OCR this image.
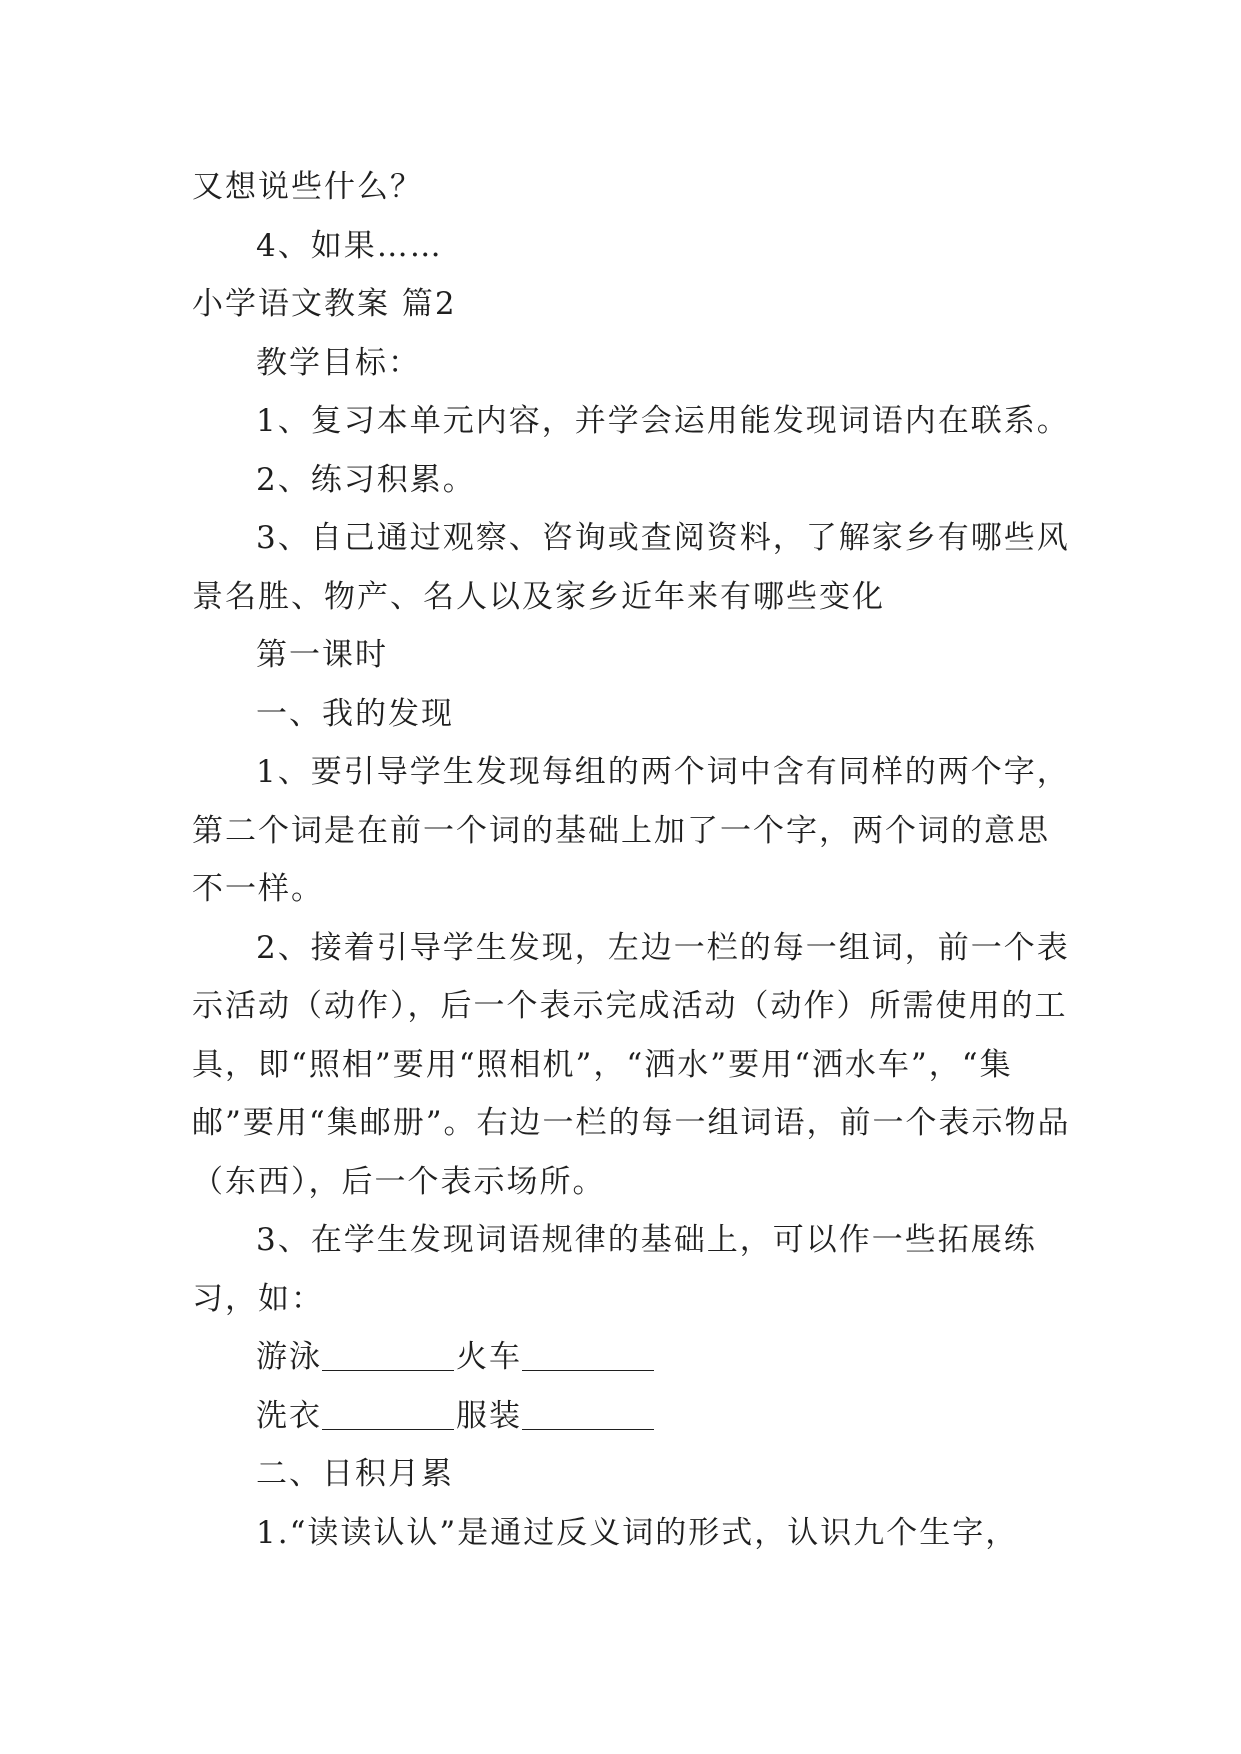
又想说些什么？

4、如果……

小学语文教案 篇2

教学目标：

1、复习本单元内容，并学会运用能发现词语内在联系。

2、练习积累。

3、自己通过观察、咨询或查阅资料，了解家乡有哪些风景名胜、物产、名人以及家乡近年来有哪些变化

第一课时

一、我的发现

1、要引导学生发现每组的两个词中含有同样的两个字，第二个词是在前一个词的基础上加了一个字，两个词的意思不一样。

2、接着引导学生发现，左边一栏的每一组词，前一个表示活动（动作），后一个表示完成活动（动作）所需使用的工具，即“照相”要用“照相机”，“洒水”要用“洒水车”，“集邮”要用“集邮册”。右边一栏的每一组词语，前一个表示物品（东西），后一个表示场所。

3、在学生发现词语规律的基础上，可以作一些拓展练习，如：

游泳	火车

洗衣	服装

二、日积月累

1.“读读认认”是通过反义词的形式，认识九个生字，
